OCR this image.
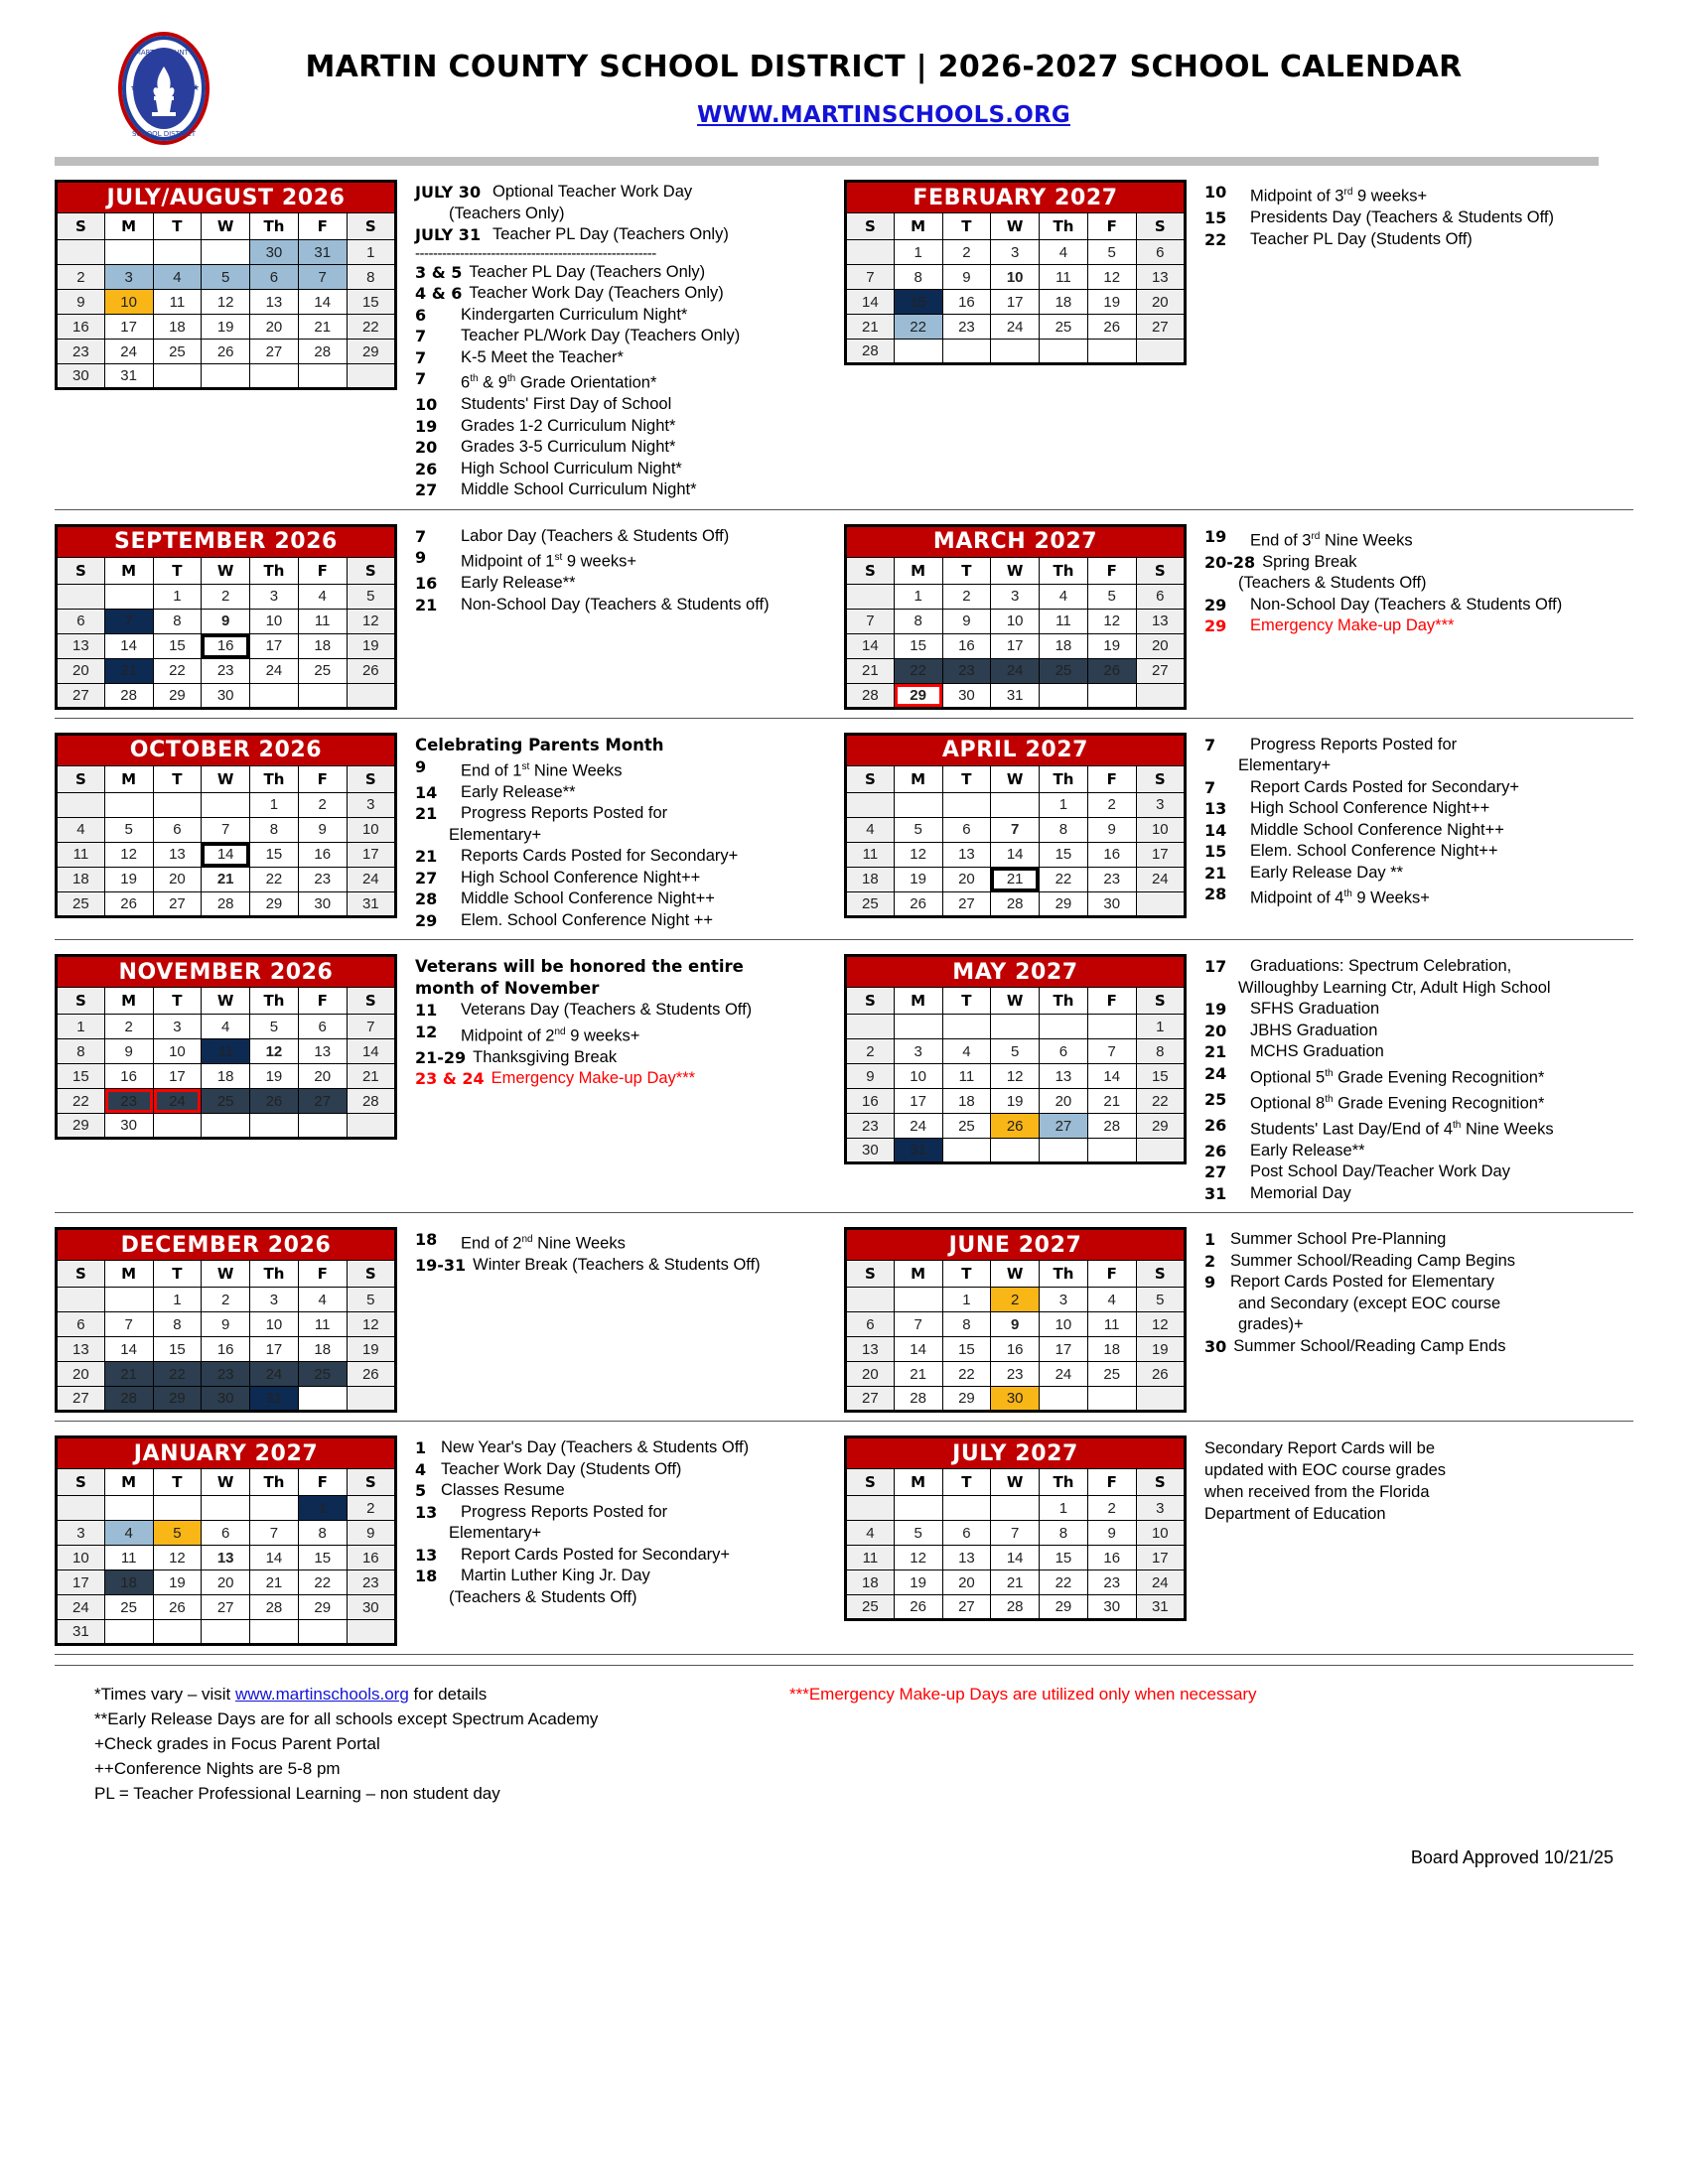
MARTIN COUNTY
SCHOOL DISTRICT
★	★
MARTIN COUNTY SCHOOL DISTRICT | 2026-2027 SCHOOL CALENDAR
WWW.MARTINSCHOOLS.ORG
JULY/AUGUST 2026						
S	M	T	W	Th	F	S
				30	31	1
2	3	4	5	6	7	8
9	10	11	12	13	14	15
16	17	18	19	20	21	22
23	24	25	26	27	28	29
30	31					
JULY 30 Optional Teacher Work Day
(Teachers Only)
JULY 31 Teacher PL Day (Teachers Only)
------------------------------------------------------
3 & 5 Teacher PL Day (Teachers Only)
4 & 6 Teacher Work Day (Teachers Only)
6	Kindergarten Curriculum Night*
7	Teacher PL/Work Day (Teachers Only)
7	K-5 Meet the Teacher*
7	6th & 9th Grade Orientation*
10	Students' First Day of School
19	Grades 1-2 Curriculum Night*
20	Grades 3-5 Curriculum Night*
26	High School Curriculum Night*
27	Middle School Curriculum Night*
FEBRUARY 2027						
S	M	T	W	Th	F	S
	1	2	3	4	5	6
7	8	9	10	11	12	13
14	15	16	17	18	19	20
21	22	23	24	25	26	27
28						
10	Midpoint of 3rd 9 weeks+
15	Presidents Day (Teachers & Students Off)
22	Teacher PL Day (Students Off)
SEPTEMBER 2026						
S	M	T	W	Th	F	S
		1	2	3	4	5
6	7	8	9	10	11	12
13	14	15	16	17	18	19
20	21	22	23	24	25	26
27	28	29	30			
7	Labor Day (Teachers & Students Off)
9	Midpoint of 1st 9 weeks+
16	Early Release**
21	Non-School Day (Teachers & Students off)
MARCH 2027						
S	M	T	W	Th	F	S
	1	2	3	4	5	6
7	8	9	10	11	12	13
14	15	16	17	18	19	20
21	22	23	24	25	26	27
28	29	30	31			
19	End of 3rd Nine Weeks
20-28 Spring Break
(Teachers & Students Off)
29	Non-School Day (Teachers & Students Off)
29	Emergency Make-up Day***
OCTOBER 2026						
S	M	T	W	Th	F	S
				1	2	3
4	5	6	7	8	9	10
11	12	13	14	15	16	17
18	19	20	21	22	23	24
25	26	27	28	29	30	31
Celebrating Parents Month
9	End of 1st Nine Weeks
14	Early Release**
21	Progress Reports Posted for
Elementary+
21	Reports Cards Posted for Secondary+
27	High School Conference Night++
28	Middle School Conference Night++
29	Elem. School Conference Night ++
APRIL 2027						
S	M	T	W	Th	F	S
				1	2	3
4	5	6	7	8	9	10
11	12	13	14	15	16	17
18	19	20	21	22	23	24
25	26	27	28	29	30	
7	Progress Reports Posted for
Elementary+
7	Report Cards Posted for Secondary+
13	High School Conference Night++
14	Middle School Conference Night++
15	Elem. School Conference Night++
21	Early Release Day **
28	Midpoint of 4th 9 Weeks+
NOVEMBER 2026						
S	M	T	W	Th	F	S
1	2	3	4	5	6	7
8	9	10	11	12	13	14
15	16	17	18	19	20	21
22	23	24	25	26	27	28
29	30					
Veterans will be honored the entire
month of November
11	Veterans Day (Teachers & Students Off)
12	Midpoint of 2nd 9 weeks+
21-29 Thanksgiving Break
23 & 24 Emergency Make-up Day***
MAY 2027						
S	M	T	W	Th	F	S
						1
2	3	4	5	6	7	8
9	10	11	12	13	14	15
16	17	18	19	20	21	22
23	24	25	26	27	28	29
30	31					
17	Graduations: Spectrum Celebration,
Willoughby Learning Ctr, Adult High School
19	SFHS Graduation
20	JBHS Graduation
21	MCHS Graduation
24	Optional 5th Grade Evening Recognition*
25	Optional 8th Grade Evening Recognition*
26	Students' Last Day/End of 4th Nine Weeks
26	Early Release**
27	Post School Day/Teacher Work Day
31	Memorial Day
DECEMBER 2026						
S	M	T	W	Th	F	S
		1	2	3	4	5
6	7	8	9	10	11	12
13	14	15	16	17	18	19
20	21	22	23	24	25	26
27	28	29	30	31		
18	End of 2nd Nine Weeks
19-31 Winter Break (Teachers & Students Off)
JUNE 2027						
S	M	T	W	Th	F	S
		1	2	3	4	5
6	7	8	9	10	11	12
13	14	15	16	17	18	19
20	21	22	23	24	25	26
27	28	29	30			
1 Summer School Pre-Planning
2 Summer School/Reading Camp Begins
9 Report Cards Posted for Elementary
and Secondary (except EOC course
grades)+
30 Summer School/Reading Camp Ends
JANUARY 2027						
S	M	T	W	Th	F	S
					1	2
3	4	5	6	7	8	9
10	11	12	13	14	15	16
17	18	19	20	21	22	23
24	25	26	27	28	29	30
31						
1 New Year's Day (Teachers & Students Off)
4 Teacher Work Day (Students Off)
5 Classes Resume
13	Progress Reports Posted for
Elementary+
13	Report Cards Posted for Secondary+
18	Martin Luther King Jr. Day
(Teachers & Students Off)
JULY 2027						
S	M	T	W	Th	F	S
				1	2	3
4	5	6	7	8	9	10
11	12	13	14	15	16	17
18	19	20	21	22	23	24
25	26	27	28	29	30	31
Secondary Report Cards will be
updated with EOC course grades
when received from the Florida
Department of Education
*Times vary – visit www.martinschools.org for details
**Early Release Days are for all schools except Spectrum Academy
+Check grades in Focus Parent Portal
++Conference Nights are 5-8 pm
PL = Teacher Professional Learning – non student day
***Emergency Make-up Days are utilized only when necessary
Board Approved 10/21/25
